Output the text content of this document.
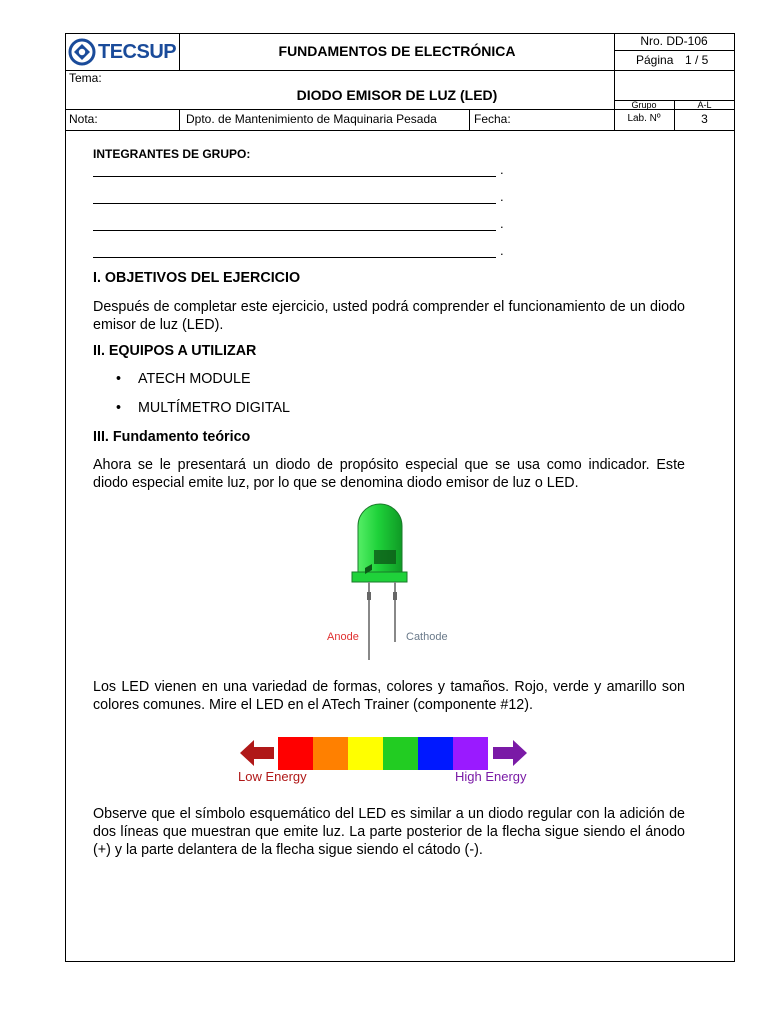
TECSUP	FUNDAMENTOS DE ELECTRÓNICA
Nro. DD-106
Página 1 / 5
Tema:
DIODO EMISOR DE LUZ (LED)
Grupo	A-L
Nota:	Dpto. de Mantenimiento de Maquinaria Pesada	Fecha:	Lab. Nº	3
INTEGRANTES DE GRUPO:
.
.
.
.
I. OBJETIVOS DEL EJERCICIO
Después de completar este ejercicio, usted podrá comprender el funcionamiento de un diodo emisor de luz (LED).
II. EQUIPOS A UTILIZAR
• ATECH MODULE
• MULTÍMETRO DIGITAL
III. Fundamento teórico
Ahora se le presentará un diodo de propósito especial que se usa como indicador. Este diodo especial emite luz, por lo que se denomina diodo emisor de luz o LED.
Anode	Cathode
Los LED vienen en una variedad de formas, colores y tamaños. Rojo, verde y amarillo son colores comunes. Mire el LED en el ATech Trainer (componente #12).
Low Energy	High Energy
Observe que el símbolo esquemático del LED es similar a un diodo regular con la adición de dos líneas que muestran que emite luz. La parte posterior de la flecha sigue siendo el ánodo (+) y la parte delantera de la flecha sigue siendo el cátodo (-).
